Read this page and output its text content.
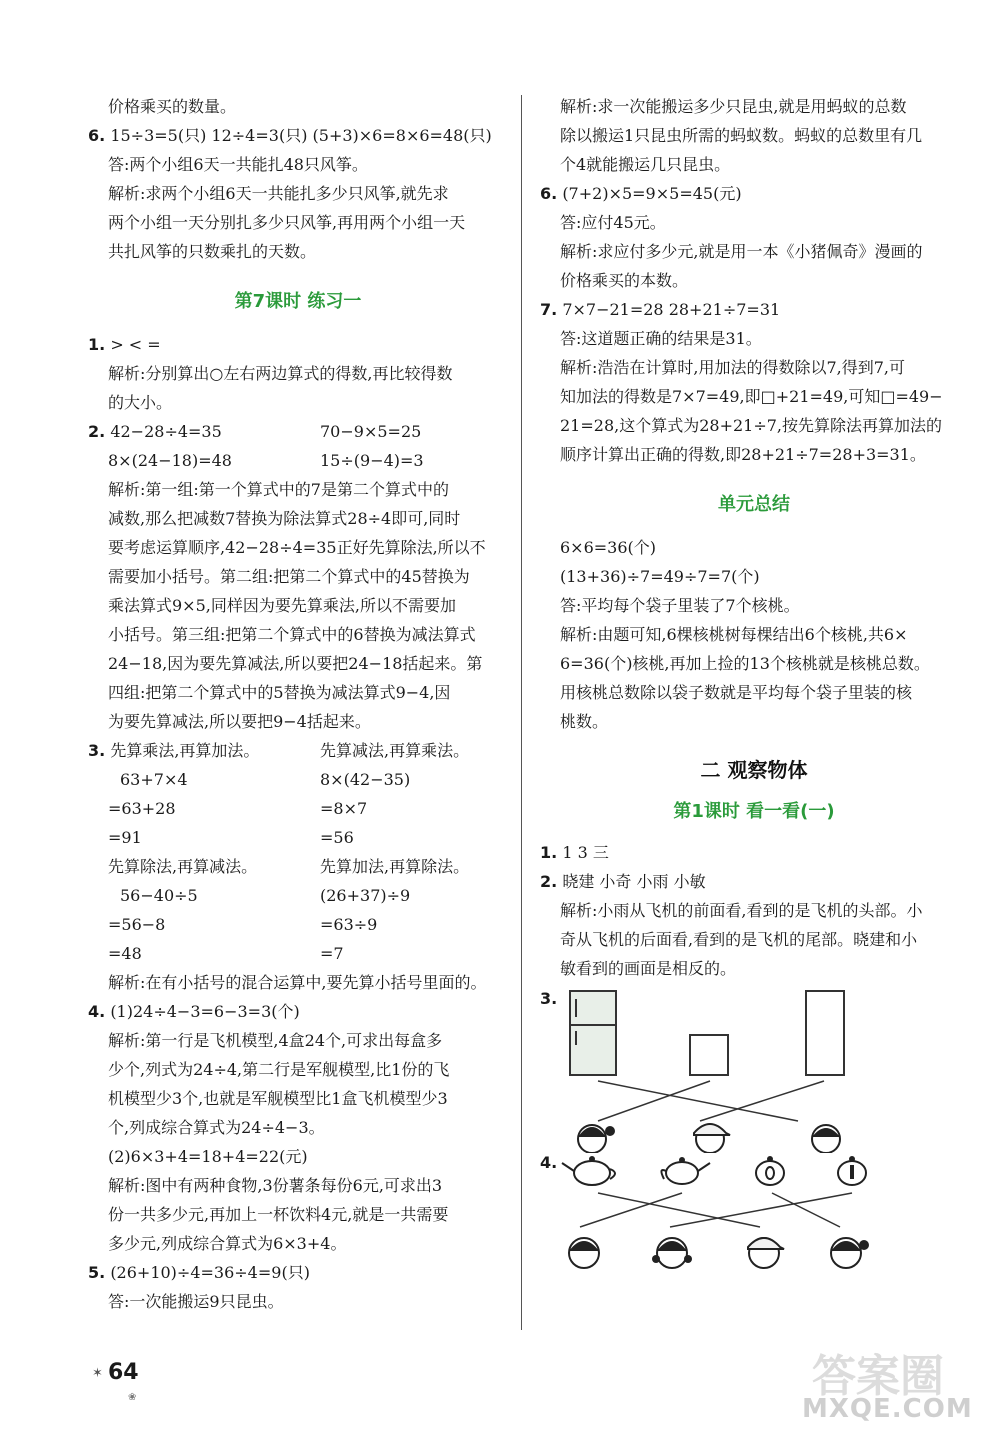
价格乘买的数量。
6. 15÷3=5(只) 12÷4=3(只) (5+3)×6=8×6=48(只)
答:两个小组6天一共能扎48只风筝。
解析:求两个小组6天一共能扎多少只风筝,就先求
两个小组一天分别扎多少只风筝,再用两个小组一天
共扎风筝的只数乘扎的天数。
第7课时 练习一
1. > < =
解析:分别算出○左右两边算式的得数,再比较得数
的大小。
2. 42−28÷4=35	70−9×5=25
8×(24−18)=48	15÷(9−4)=3
解析:第一组:第一个算式中的7是第二个算式中的
减数,那么把减数7替换为除法算式28÷4即可,同时
要考虑运算顺序,42−28÷4=35正好先算除法,所以不
需要加小括号。第二组:把第二个算式中的45替换为
乘法算式9×5,同样因为要先算乘法,所以不需要加
小括号。第三组:把第二个算式中的6替换为减法算式
24−18,因为要先算减法,所以要把24−18括起来。第
四组:把第二个算式中的5替换为减法算式9−4,因
为要先算减法,所以要把9−4括起来。
3. 先算乘法,再算加法。	先算减法,再算乘法。
63+7×4	8×(42−35)
=63+28	=8×7
=91	=56
先算除法,再算减法。	先算加法,再算除法。
56−40÷5	(26+37)÷9
=56−8	=63÷9
=48	=7
解析:在有小括号的混合运算中,要先算小括号里面的。
4. (1)24÷4−3=6−3=3(个)
解析:第一行是飞机模型,4盒24个,可求出每盒多
少个,列式为24÷4,第二行是军舰模型,比1份的飞
机模型少3个,也就是军舰模型比1盒飞机模型少3
个,列成综合算式为24÷4−3。
(2)6×3+4=18+4=22(元)
解析:图中有两种食物,3份薯条每份6元,可求出3
份一共多少元,再加上一杯饮料4元,就是一共需要
多少元,列成综合算式为6×3+4。
5. (26+10)÷4=36÷4=9(只)
答:一次能搬运9只昆虫。
解析:求一次能搬运多少只昆虫,就是用蚂蚁的总数
除以搬运1只昆虫所需的蚂蚁数。蚂蚁的总数里有几
个4就能搬运几只昆虫。
6. (7+2)×5=9×5=45(元)
答:应付45元。
解析:求应付多少元,就是用一本《小猪佩奇》漫画的
价格乘买的本数。
7. 7×7−21=28 28+21÷7=31
答:这道题正确的结果是31。
解析:浩浩在计算时,用加法的得数除以7,得到7,可
知加法的得数是7×7=49,即□+21=49,可知□=49−
21=28,这个算式为28+21÷7,按先算除法再算加法的
顺序计算出正确的得数,即28+21÷7=28+3=31。
单元总结
6×6=36(个)
(13+36)÷7=49÷7=7(个)
答:平均每个袋子里装了7个核桃。
解析:由题可知,6棵核桃树每棵结出6个核桃,共6×
6=36(个)核桃,再加上捡的13个核桃就是核桃总数。
用核桃总数除以袋子数就是平均每个袋子里装的核
桃数。
二 观察物体
第1课时 看一看(一)
1. 1 3 三
2. 晓建 小奇 小雨 小敏
解析:小雨从飞机的前面看,看到的是飞机的头部。小
奇从飞机的后面看,看到的是飞机的尾部。晓建和小
敏看到的画面是相反的。
3.
4.
✶ 64
❀	答案圈
MXQE.COM
